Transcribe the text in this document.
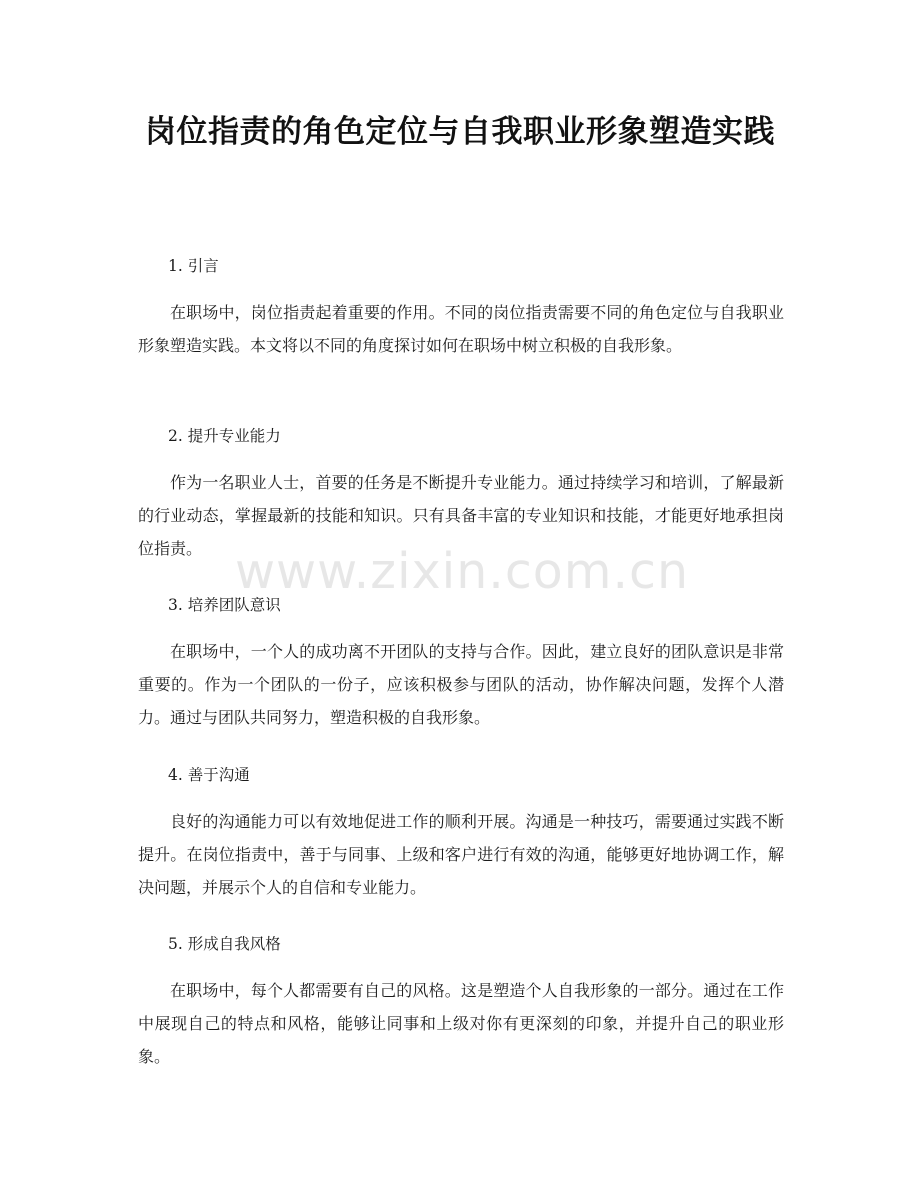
岗位指责的角色定位与自我职业形象塑造实践
www.zixin.com.cn

1. 引言

在职场中，岗位指责起着重要的作用。不同的岗位指责需要不同的角色定位与自我职业形象塑造实践。本文将以不同的角度探讨如何在职场中树立积极的自我形象。

2. 提升专业能力

作为一名职业人士，首要的任务是不断提升专业能力。通过持续学习和培训，了解最新的行业动态，掌握最新的技能和知识。只有具备丰富的专业知识和技能，才能更好地承担岗位指责。

3. 培养团队意识

在职场中，一个人的成功离不开团队的支持与合作。因此，建立良好的团队意识是非常重要的。作为一个团队的一份子，应该积极参与团队的活动，协作解决问题，发挥个人潜力。通过与团队共同努力，塑造积极的自我形象。

4. 善于沟通

良好的沟通能力可以有效地促进工作的顺利开展。沟通是一种技巧，需要通过实践不断提升。在岗位指责中，善于与同事、上级和客户进行有效的沟通，能够更好地协调工作，解决问题，并展示个人的自信和专业能力。

5. 形成自我风格

在职场中，每个人都需要有自己的风格。这是塑造个人自我形象的一部分。通过在工作中展现自己的特点和风格，能够让同事和上级对你有更深刻的印象，并提升自己的职业形象。
